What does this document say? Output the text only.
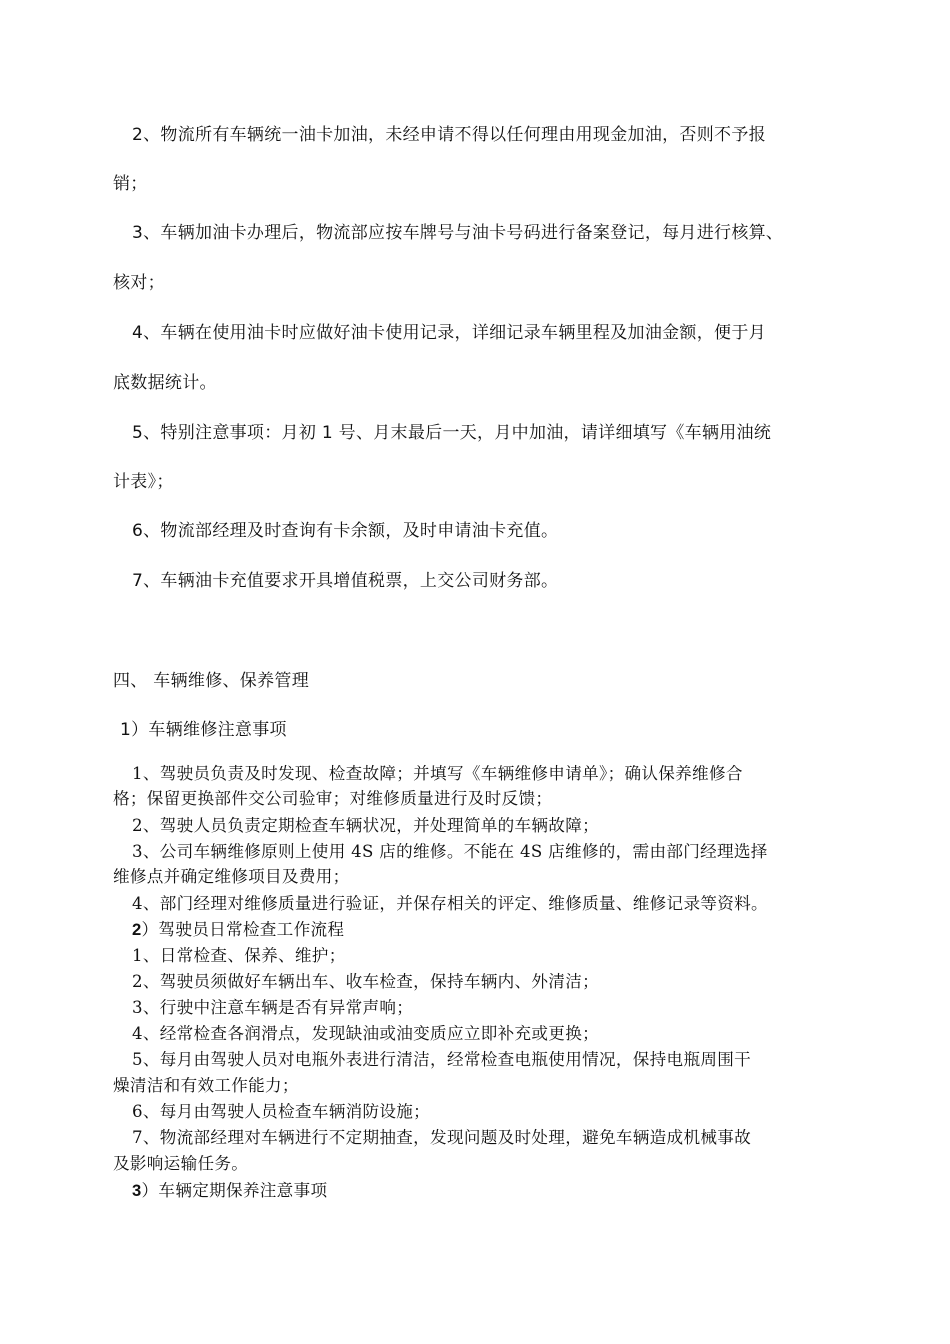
2、物流所有车辆统一油卡加油，未经申请不得以任何理由用现金加油，否则不予报
销；
3、车辆加油卡办理后，物流部应按车牌号与油卡号码进行备案登记，每月进行核算、
核对；
4、车辆在使用油卡时应做好油卡使用记录，详细记录车辆里程及加油金额，便于月
底数据统计。
5、特别注意事项：月初 1 号、月末最后一天，月中加油，请详细填写《车辆用油统
计表》；
6、物流部经理及时查询有卡余额，及时申请油卡充值。
7、车辆油卡充值要求开具增值税票，上交公司财务部。
四、 车辆维修、保养管理
1）车辆维修注意事项
1、驾驶员负责及时发现、检查故障；并填写《车辆维修申请单》；确认保养维修合
格；保留更换部件交公司验审；对维修质量进行及时反馈；
2、驾驶人员负责定期检查车辆状况，并处理简单的车辆故障；
3、公司车辆维修原则上使用 4S 店的维修。不能在 4S 店维修的，需由部门经理选择
维修点并确定维修项目及费用；
4、部门经理对维修质量进行验证，并保存相关的评定、维修质量、维修记录等资料。
2）驾驶员日常检查工作流程
1、日常检查、保养、维护；
2、驾驶员须做好车辆出车、收车检查，保持车辆内、外清洁；
3、行驶中注意车辆是否有异常声响；
4、经常检查各润滑点，发现缺油或油变质应立即补充或更换；
5、每月由驾驶人员对电瓶外表进行清洁，经常检查电瓶使用情况，保持电瓶周围干
燥清洁和有效工作能力；
6、每月由驾驶人员检查车辆消防设施；
7、物流部经理对车辆进行不定期抽查，发现问题及时处理，避免车辆造成机械事故
及影响运输任务。
3）车辆定期保养注意事项
